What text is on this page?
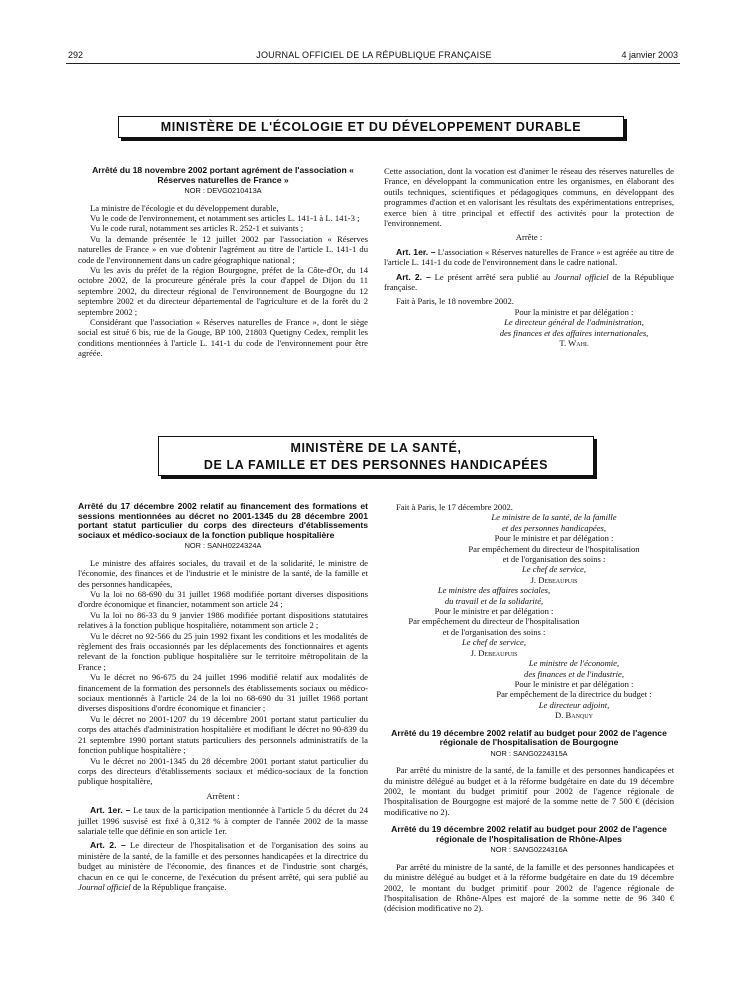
292	JOURNAL OFFICIEL DE LA RÉPUBLIQUE FRANÇAISE	4 janvier 2003
MINISTÈRE DE L'ÉCOLOGIE ET DU DÉVELOPPEMENT DURABLE
Arrêté du 18 novembre 2002 portant agrément de l'association « Réserves naturelles de France »
NOR : DEVG0210413A

La ministre de l'écologie et du développement durable,

Vu le code de l'environnement, et notamment ses articles L. 141-1 à L. 141-3 ;

Vu le code rural, notamment ses articles R. 252-1 et suivants ;

Vu la demande présentée le 12 juillet 2002 par l'association « Réserves naturelles de France » en vue d'obtenir l'agrément au titre de l'article L. 141-1 du code de l'environnement dans un cadre géographique national ;

Vu les avis du préfet de la région Bourgogne, préfet de la Côte-d'Or, du 14 octobre 2002, de la procureure générale près la cour d'appel de Dijon du 11 septembre 2002, du directeur régional de l'environnement de Bourgogne du 12 septembre 2002 et du directeur départemental de l'agriculture et de la forêt du 2 septembre 2002 ;

Considérant que l'association « Réserves naturelles de France », dont le siège social est situé 6 bis, rue de la Gouge, BP 100, 21803 Quetigny Cedex, remplit les conditions mentionnées à l'article L. 141-1 du code de l'environnement pour être agréée.

Cette association, dont la vocation est d'animer le réseau des réserves naturelles de France, en développant la communication entre les organismes, en élaborant des outils techniques, scientifiques et pédagogiques communs, en développant des programmes d'action et en valorisant les résultats des expérimentations entreprises, exerce bien à titre principal et effectif des activités pour la protection de l'environnement.

Arrête :

Art. 1er. – L'association « Réserves naturelles de France » est agréée au titre de l'article L. 141-1 du code de l'environnement dans le cadre national.

Art. 2. – Le présent arrêté sera publié au Journal officiel de la République française.

Fait à Paris, le 18 novembre 2002.

Pour la ministre et par délégation :
Le directeur général de l'administration,
des finances et des affaires internationales,
T. Wahl
MINISTÈRE DE LA SANTÉ,
DE LA FAMILLE ET DES PERSONNES HANDICAPÉES
Arrêté du 17 décembre 2002 relatif au financement des formations et sessions mentionnées au décret no 2001-1345 du 28 décembre 2001 portant statut particulier du corps des directeurs d'établissements sociaux et médico-sociaux de la fonction publique hospitalière
NOR : SANH0224324A

Le ministre des affaires sociales, du travail et de la solidarité, le ministre de l'économie, des finances et de l'industrie et le ministre de la santé, de la famille et des personnes handicapées,

Vu la loi no 68-690 du 31 juillet 1968 modifiée portant diverses dispositions d'ordre économique et financier, notamment son article 24 ;

Vu la loi no 86-33 du 9 janvier 1986 modifiée portant dispositions statutaires relatives à la fonction publique hospitalière, notamment son article 2 ;

Vu le décret no 92-566 du 25 juin 1992 fixant les conditions et les modalités de règlement des frais occasionnés par les déplacements des fonctionnaires et agents relevant de la fonction publique hospitalière sur le territoire métropolitain de la France ;

Vu le décret no 96-675 du 24 juillet 1996 modifié relatif aux modalités de financement de la formation des personnels des établissements sociaux ou médico-sociaux mentionnés à l'article 24 de la loi no 68-690 du 31 juillet 1968 portant diverses dispositions d'ordre économique et financier ;

Vu le décret no 2001-1207 du 19 décembre 2001 portant statut particulier du corps des attachés d'administration hospitalière et modifiant le décret no 90-839 du 21 septembre 1990 portant statuts particuliers des personnels administratifs de la fonction publique hospitalière ;

Vu le décret no 2001-1345 du 28 décembre 2001 portant statut particulier du corps des directeurs d'établissements sociaux et médico-sociaux de la fonction publique hospitalière,

Arrêtent :

Art. 1er. – Le taux de la participation mentionnée à l'article 5 du décret du 24 juillet 1996 susvisé est fixé à 0,312 % à compter de l'année 2002 de la masse salariale telle que définie en son article 1er.

Art. 2. – Le directeur de l'hospitalisation et de l'organisation des soins au ministère de la santé, de la famille et des personnes handicapées et la directrice du budget au ministère de l'économie, des finances et de l'industrie sont chargés, chacun en ce qui le concerne, de l'exécution du présent arrêté, qui sera publié au Journal officiel de la République française.

Fait à Paris, le 17 décembre 2002.

Le ministre de la santé, de la famille
et des personnes handicapées,
Pour le ministre et par délégation :
Par empêchement du directeur de l'hospitalisation
et de l'organisation des soins :
Le chef de service,
J. Debeaupuis
Le ministre des affaires sociales,
du travail et de la solidarité,
Pour le ministre et par délégation :
Par empêchement du directeur de l'hospitalisation
et de l'organisation des soins :
Le chef de service,
J. Debeaupuis
Le ministre de l'économie,
des finances et de l'industrie,
Pour le ministre et par délégation :
Par empêchement de la directrice du budget :
Le directeur adjoint,
D. Banquy
Arrêté du 19 décembre 2002 relatif au budget pour 2002 de l'agence régionale de l'hospitalisation de Bourgogne
NOR : SANG0224315A

Par arrêté du ministre de la santé, de la famille et des personnes handicapées et du ministre délégué au budget et à la réforme budgétaire en date du 19 décembre 2002, le montant du budget primitif pour 2002 de l'agence régionale de l'hospitalisation de Bourgogne est majoré de la somme nette de 7 500 € (décision modificative no 2).

Arrêté du 19 décembre 2002 relatif au budget pour 2002 de l'agence régionale de l'hospitalisation de Rhône-Alpes
NOR : SANG0224316A

Par arrêté du ministre de la santé, de la famille et des personnes handicapées et du ministre délégué au budget et à la réforme budgétaire en date du 19 décembre 2002, le montant du budget primitif pour 2002 de l'agence régionale de l'hospitalisation de Rhône-Alpes est majoré de la somme nette de 96 340 € (décision modificative no 2).
